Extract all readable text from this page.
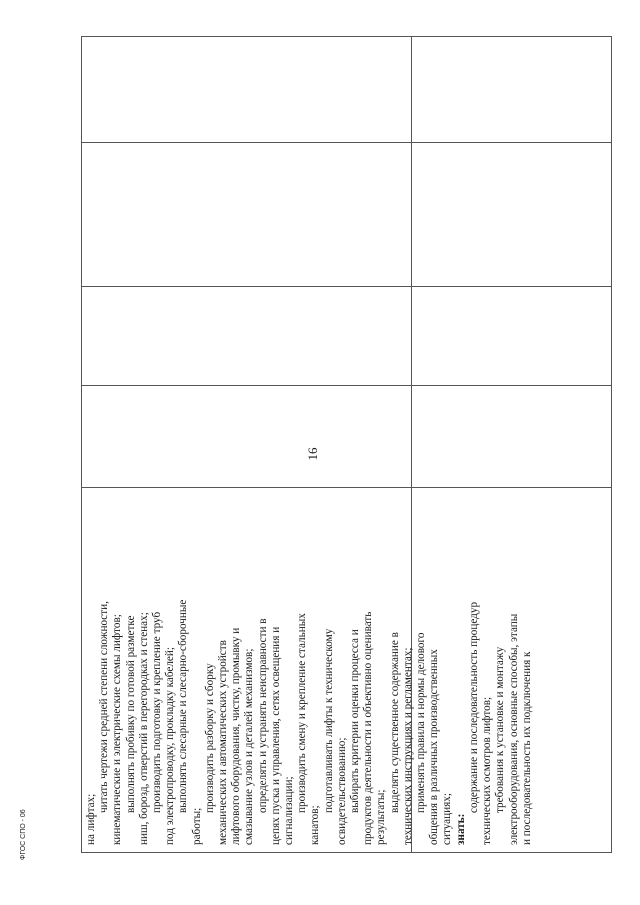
на лифтах;
читать чертежи средней степени сложности, кинематические и электрические схемы лифтов; выполнять пробивку по готовой разметке ниш, борозд, отверстий в перегородках и стенах; производить подготовку и крепление труб под электропроводку, прокладку кабелей; выполнять слесарные и слесарно-сборочные
работы;
производить разборку и сборку механических и автоматических устройств лифтового оборудования, чистку, промывку и смазывание узлов и деталей механизмов; определять и устранять неисправности в цепях пуска и управления, сетях освещения и сигнализации; производить смену и крепление стальных
канатов;
подготавливать лифты к техническому освидетельствованию; выбирать критерии оценки процесса и продуктов деятельности и объективно оценивать результаты;
выделять существенное содержание в технических инструкциях и регламентах; применять правила и нормы делового общения в различных производственных ситуациях; знать:
содержание и последовательность процедур технических осмотров лифтов; требования к установке и монтажу электрооборудования, основные способы, этапы и последовательность их подключения к
16
ФГОС СПО - 06
